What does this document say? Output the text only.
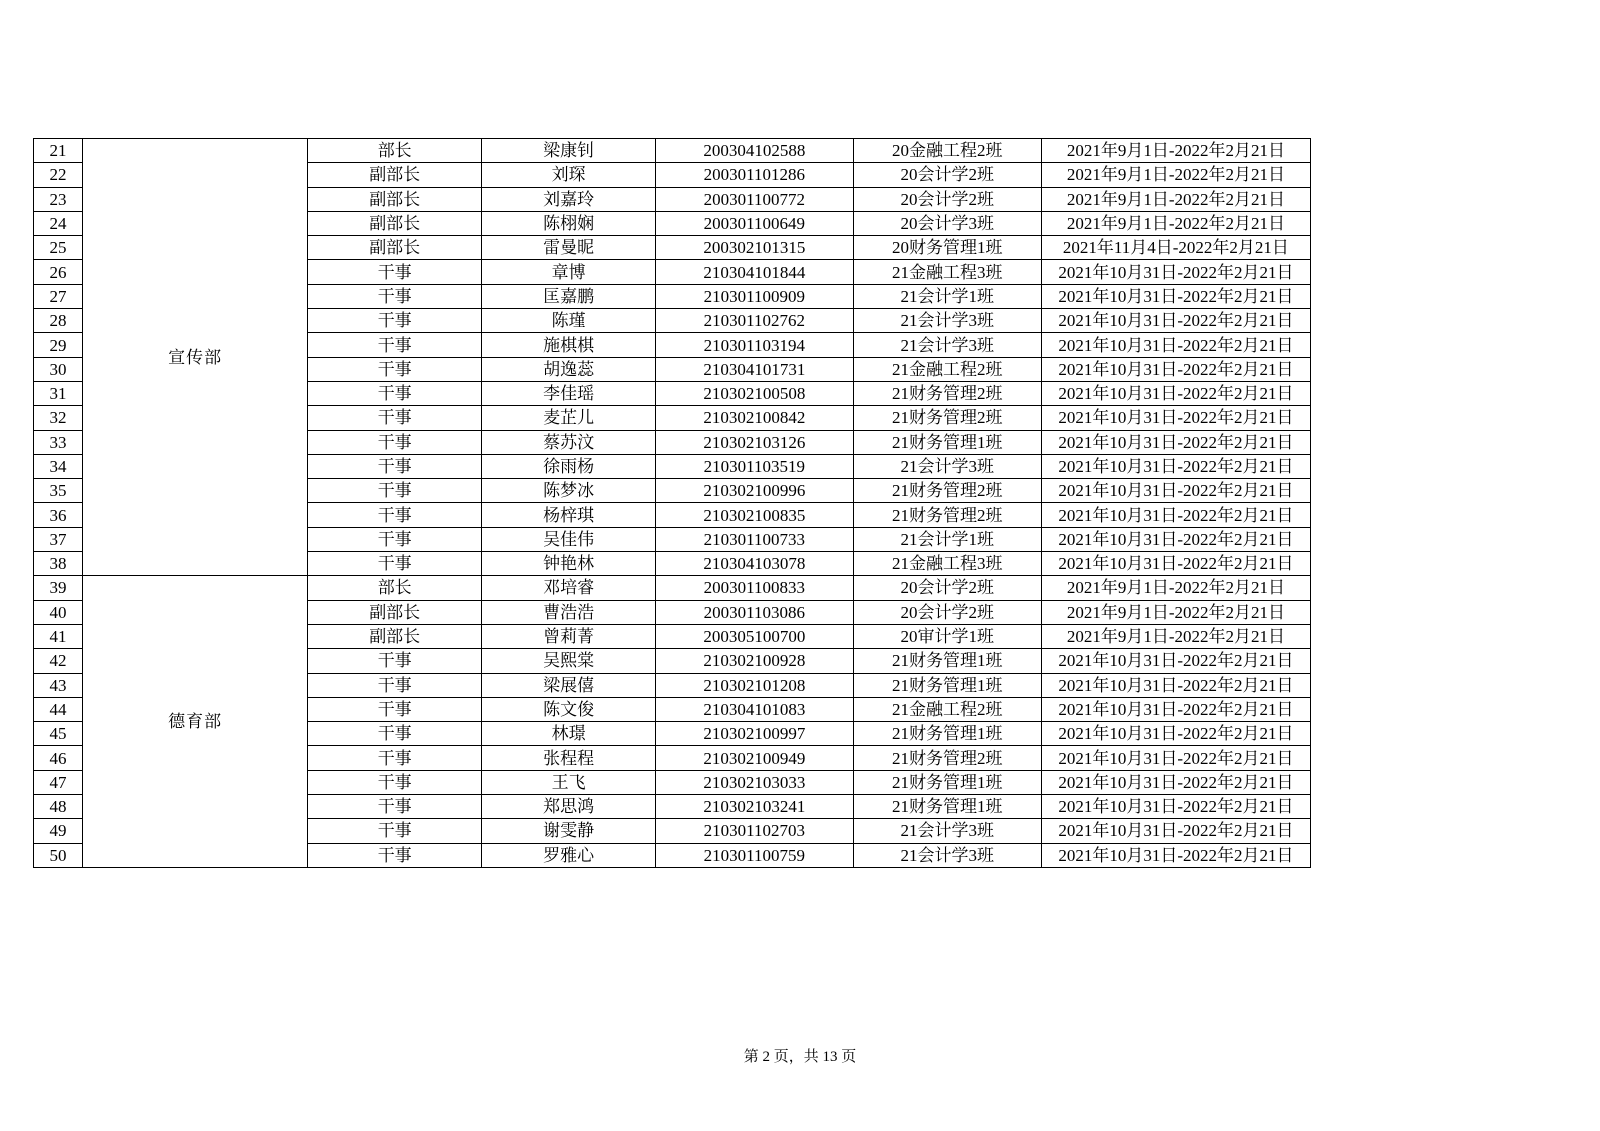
21	宣传部	部长	梁康钊	200304102588	20金融工程2班	2021年9月1日-2022年2月21日
22		副部长	刘琛	200301101286	20会计学2班	2021年9月1日-2022年2月21日
23		副部长	刘嘉玲	200301100772	20会计学2班	2021年9月1日-2022年2月21日
24		副部长	陈栩娴	200301100649	20会计学3班	2021年9月1日-2022年2月21日
25		副部长	雷曼昵	200302101315	20财务管理1班	2021年11月4日-2022年2月21日
26		干事	章博	210304101844	21金融工程3班	2021年10月31日-2022年2月21日
27		干事	匡嘉鹏	210301100909	21会计学1班	2021年10月31日-2022年2月21日
28		干事	陈瑾	210301102762	21会计学3班	2021年10月31日-2022年2月21日
29		干事	施棋棋	210301103194	21会计学3班	2021年10月31日-2022年2月21日
30		干事	胡逸蕊	210304101731	21金融工程2班	2021年10月31日-2022年2月21日
31		干事	李佳瑶	210302100508	21财务管理2班	2021年10月31日-2022年2月21日
32		干事	麦芷儿	210302100842	21财务管理2班	2021年10月31日-2022年2月21日
33		干事	蔡苏汶	210302103126	21财务管理1班	2021年10月31日-2022年2月21日
34		干事	徐雨杨	210301103519	21会计学3班	2021年10月31日-2022年2月21日
35		干事	陈梦冰	210302100996	21财务管理2班	2021年10月31日-2022年2月21日
36		干事	杨梓琪	210302100835	21财务管理2班	2021年10月31日-2022年2月21日
37		干事	吴佳伟	210301100733	21会计学1班	2021年10月31日-2022年2月21日
38		干事	钟艳林	210304103078	21金融工程3班	2021年10月31日-2022年2月21日
39	德育部	部长	邓培睿	200301100833	20会计学2班	2021年9月1日-2022年2月21日
40		副部长	曹浩浩	200301103086	20会计学2班	2021年9月1日-2022年2月21日
41		副部长	曾莉菁	200305100700	20审计学1班	2021年9月1日-2022年2月21日
42		干事	吴熙棠	210302100928	21财务管理1班	2021年10月31日-2022年2月21日
43		干事	梁展僖	210302101208	21财务管理1班	2021年10月31日-2022年2月21日
44		干事	陈文俊	210304101083	21金融工程2班	2021年10月31日-2022年2月21日
45		干事	林璟	210302100997	21财务管理1班	2021年10月31日-2022年2月21日
46		干事	张程程	210302100949	21财务管理2班	2021年10月31日-2022年2月21日
47		干事	王飞	210302103033	21财务管理1班	2021年10月31日-2022年2月21日
48		干事	郑思鸿	210302103241	21财务管理1班	2021年10月31日-2022年2月21日
49		干事	谢雯静	210301102703	21会计学3班	2021年10月31日-2022年2月21日
50		干事	罗雅心	210301100759	21会计学3班	2021年10月31日-2022年2月21日
第 2 页，共 13 页
